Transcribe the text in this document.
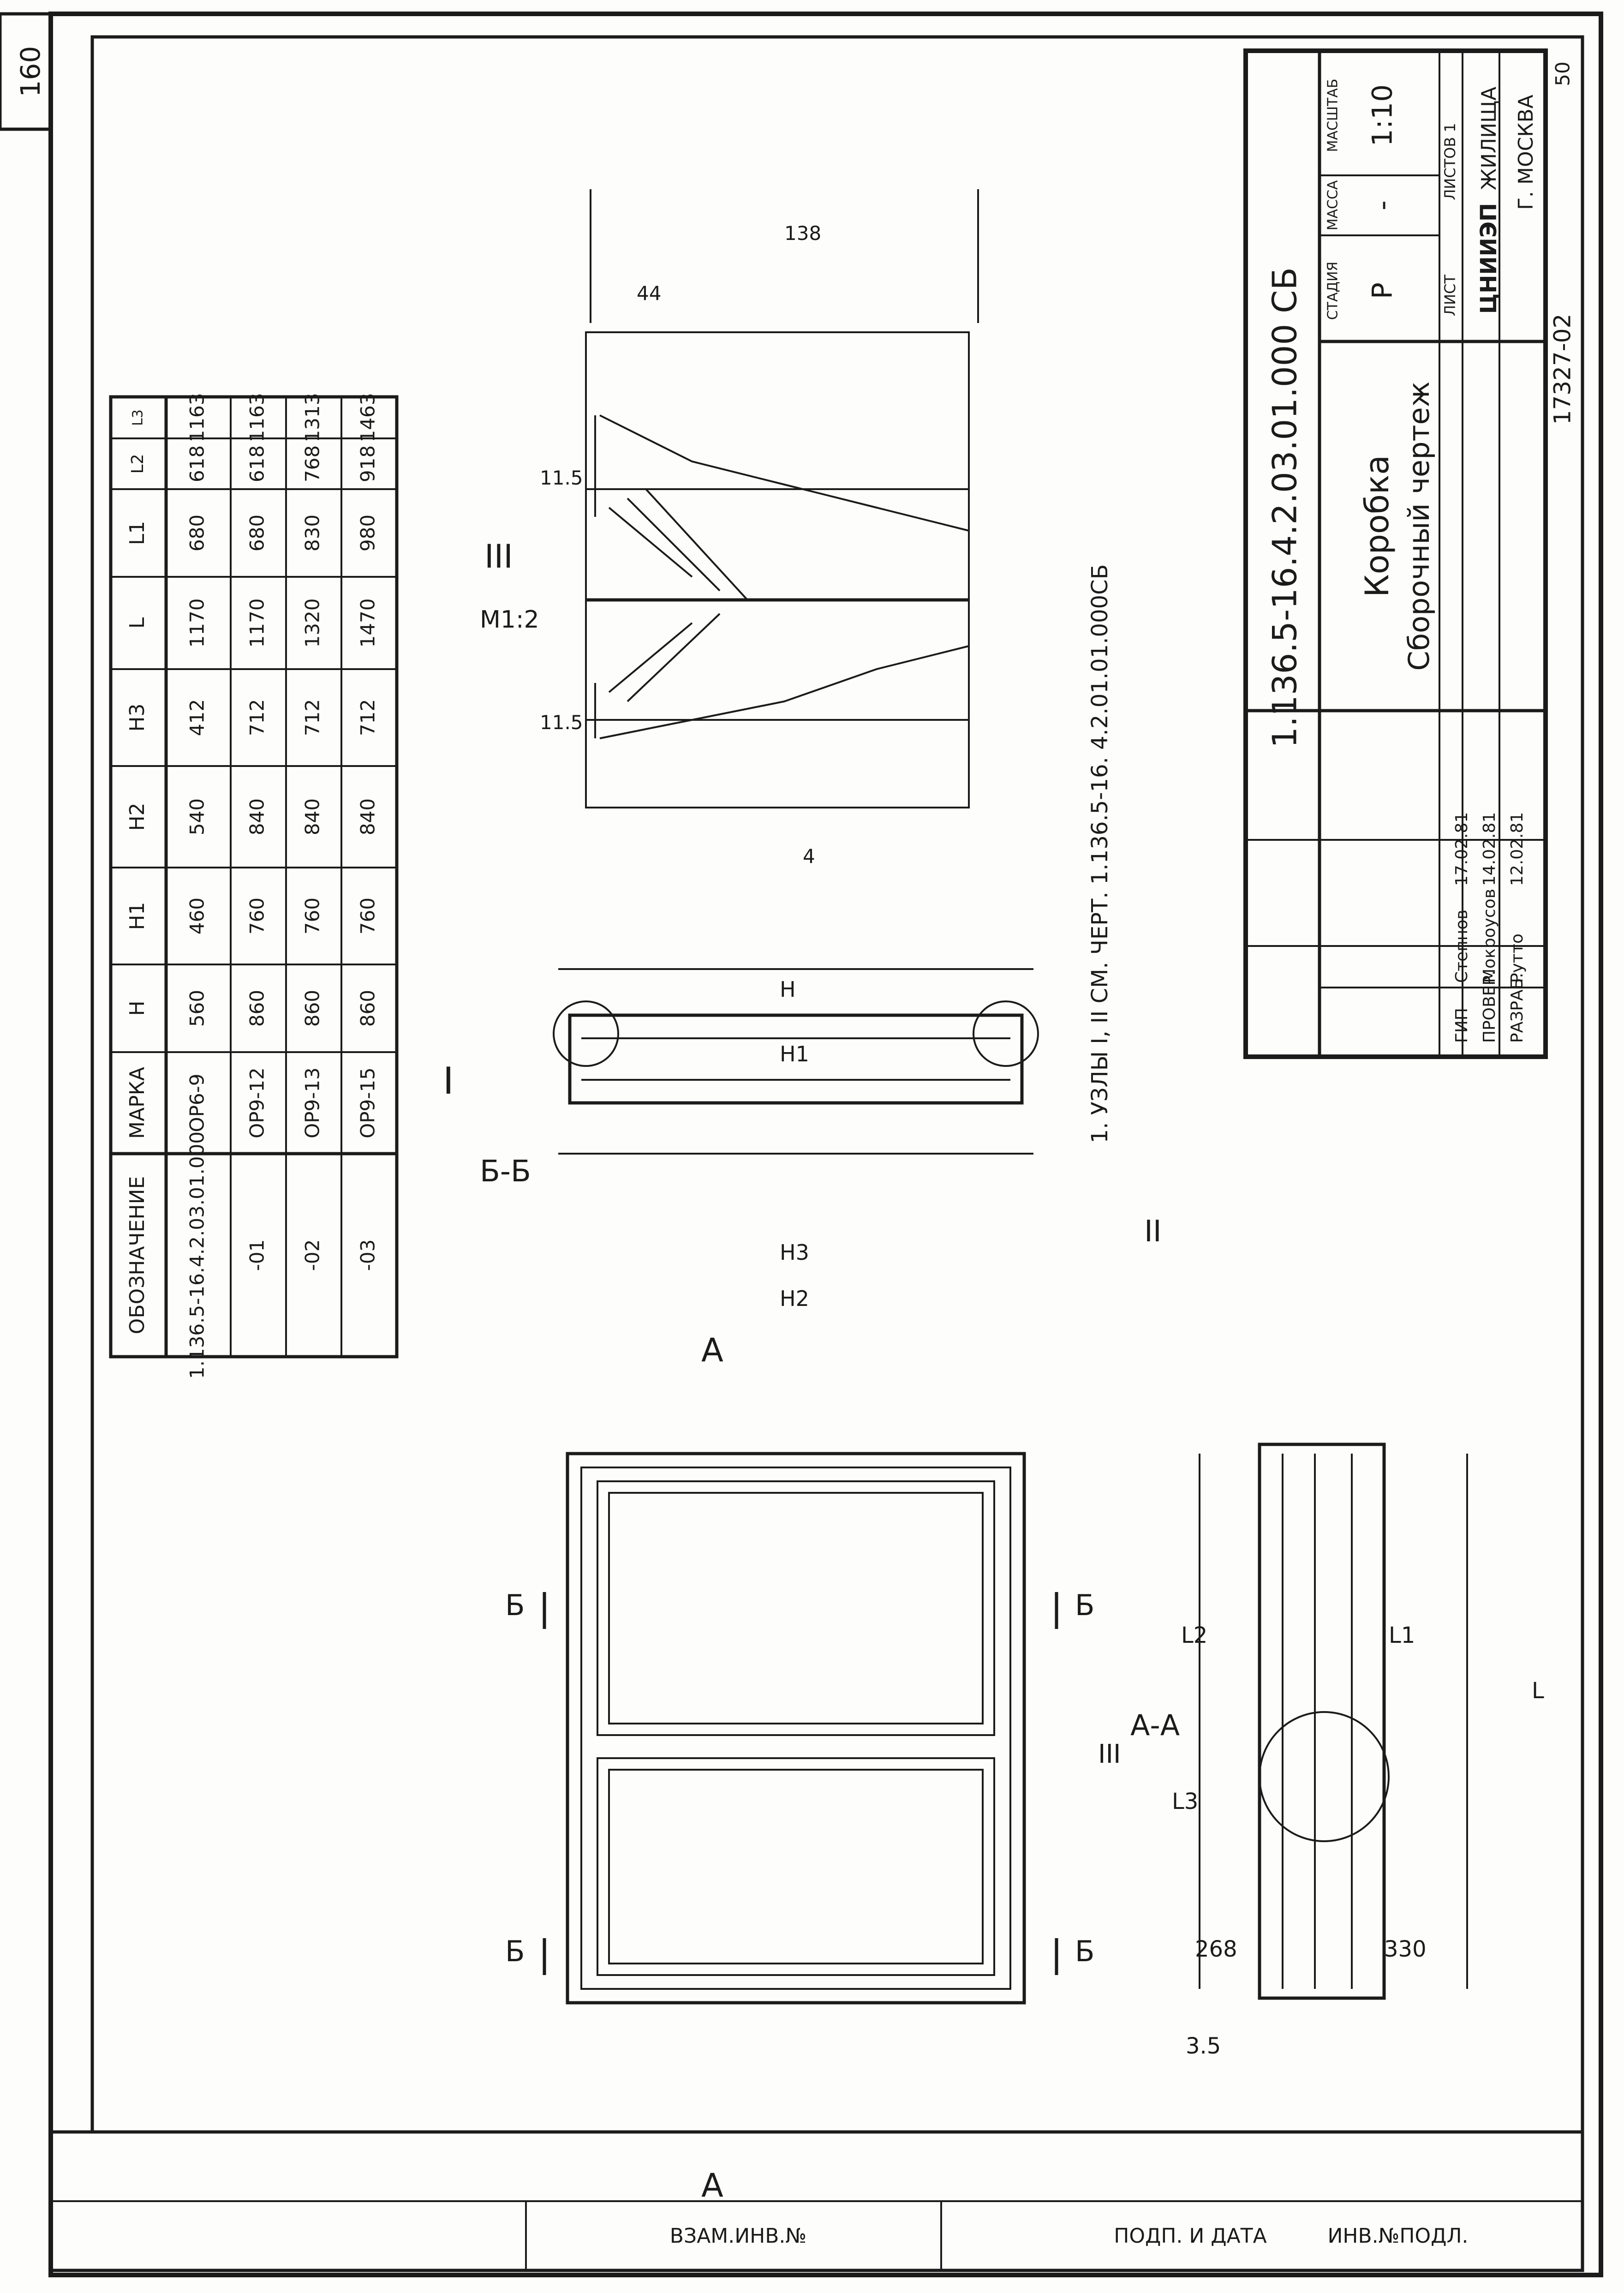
160
ИНВ.№ПОДЛ.
ПОДП. И ДАТА
ВЗАМ.ИНВ.№
ОБОЗНАЧЕНИЕ
МАРКА
Н
Н1
Н2
Н3
L
L1
L2
L3
1.136.5-16.4.2.03.01.000
ОР6-9
560
460
540
412
1170
680
618
1163
-01
ОР9-12
860
760
840
712
1170
680
618
1163
-02
ОР9-13
860
760
840
712
1320
830
768
1313
-03
ОР9-15
860
760
840
712
1470
980
918
1463
А
А
Б
Б
Б
Б
Б-Б
I
II
Н
Н1
Н3
Н2
А-А
III
L
L1
L2
L3
268	330
3.5
III
М1:2
138
44
11.5
11.5
4	1. УЗЛЫ I, II СМ. ЧЕРТ. 1.136.5-16. 4.2.01.01.000СБ
1.136.5-16.4.2.03.01.000 СБ Коробка Сборочный чертеж
СТАДИЯ
МАССА
МАСШТАБ
Р
-
1:10
ЛИСТ
ЛИСТОВ 1
ЦНИИЭП
ЖИЛИЩА Г. МОСКВА
17327-02
50
ГИП
Степнов
17.02.81
ПРОВЕР.
Мокроусов
14.02.81
РАЗРАБ.
Рутто
12.02.81
